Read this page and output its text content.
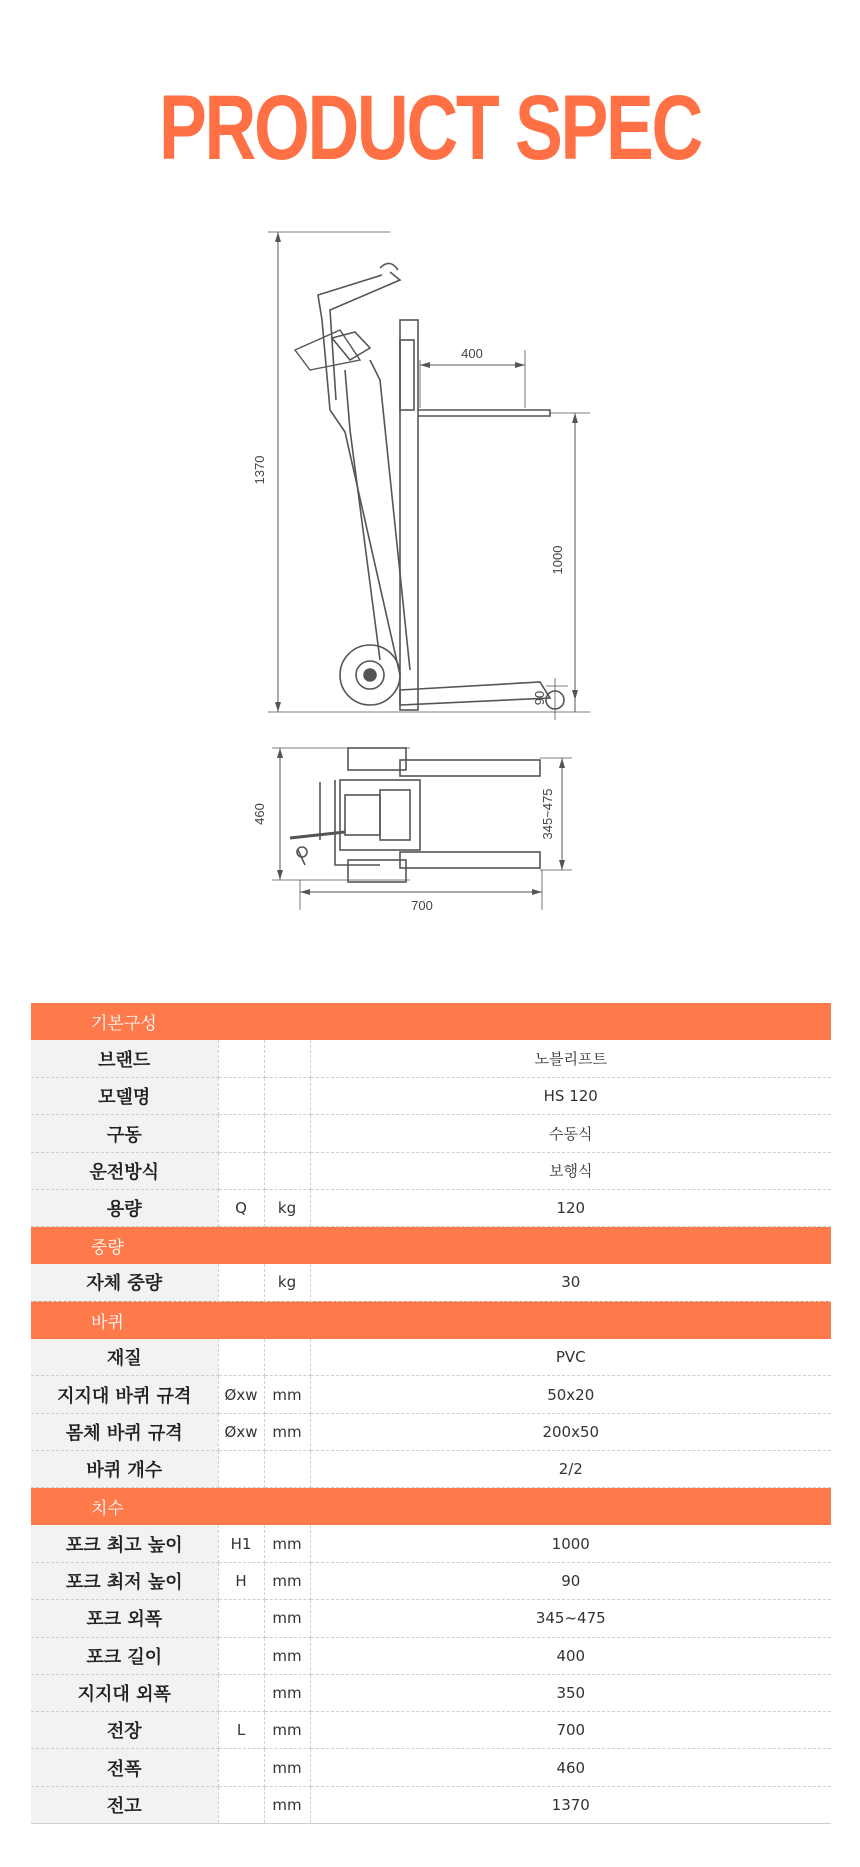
PRODUCT SPEC
1370
400
1000
90
460	345~475
700
기본구성			
브랜드			노블리프트
모델명			HS 120
구동			수동식
운전방식			보행식
용량	Q	kg	120
중량			
자체 중량		kg	30
바퀴			
재질			PVC
지지대 바퀴 규격	Øxw	mm	50x20
몸체 바퀴 규격	Øxw	mm	200x50
바퀴 개수			2/2
치수			
포크 최고 높이	H1	mm	1000
포크 최저 높이	H	mm	90
포크 외폭		mm	345~475
포크 길이		mm	400
지지대 외폭		mm	350
전장	L	mm	700
전폭		mm	460
전고		mm	1370
